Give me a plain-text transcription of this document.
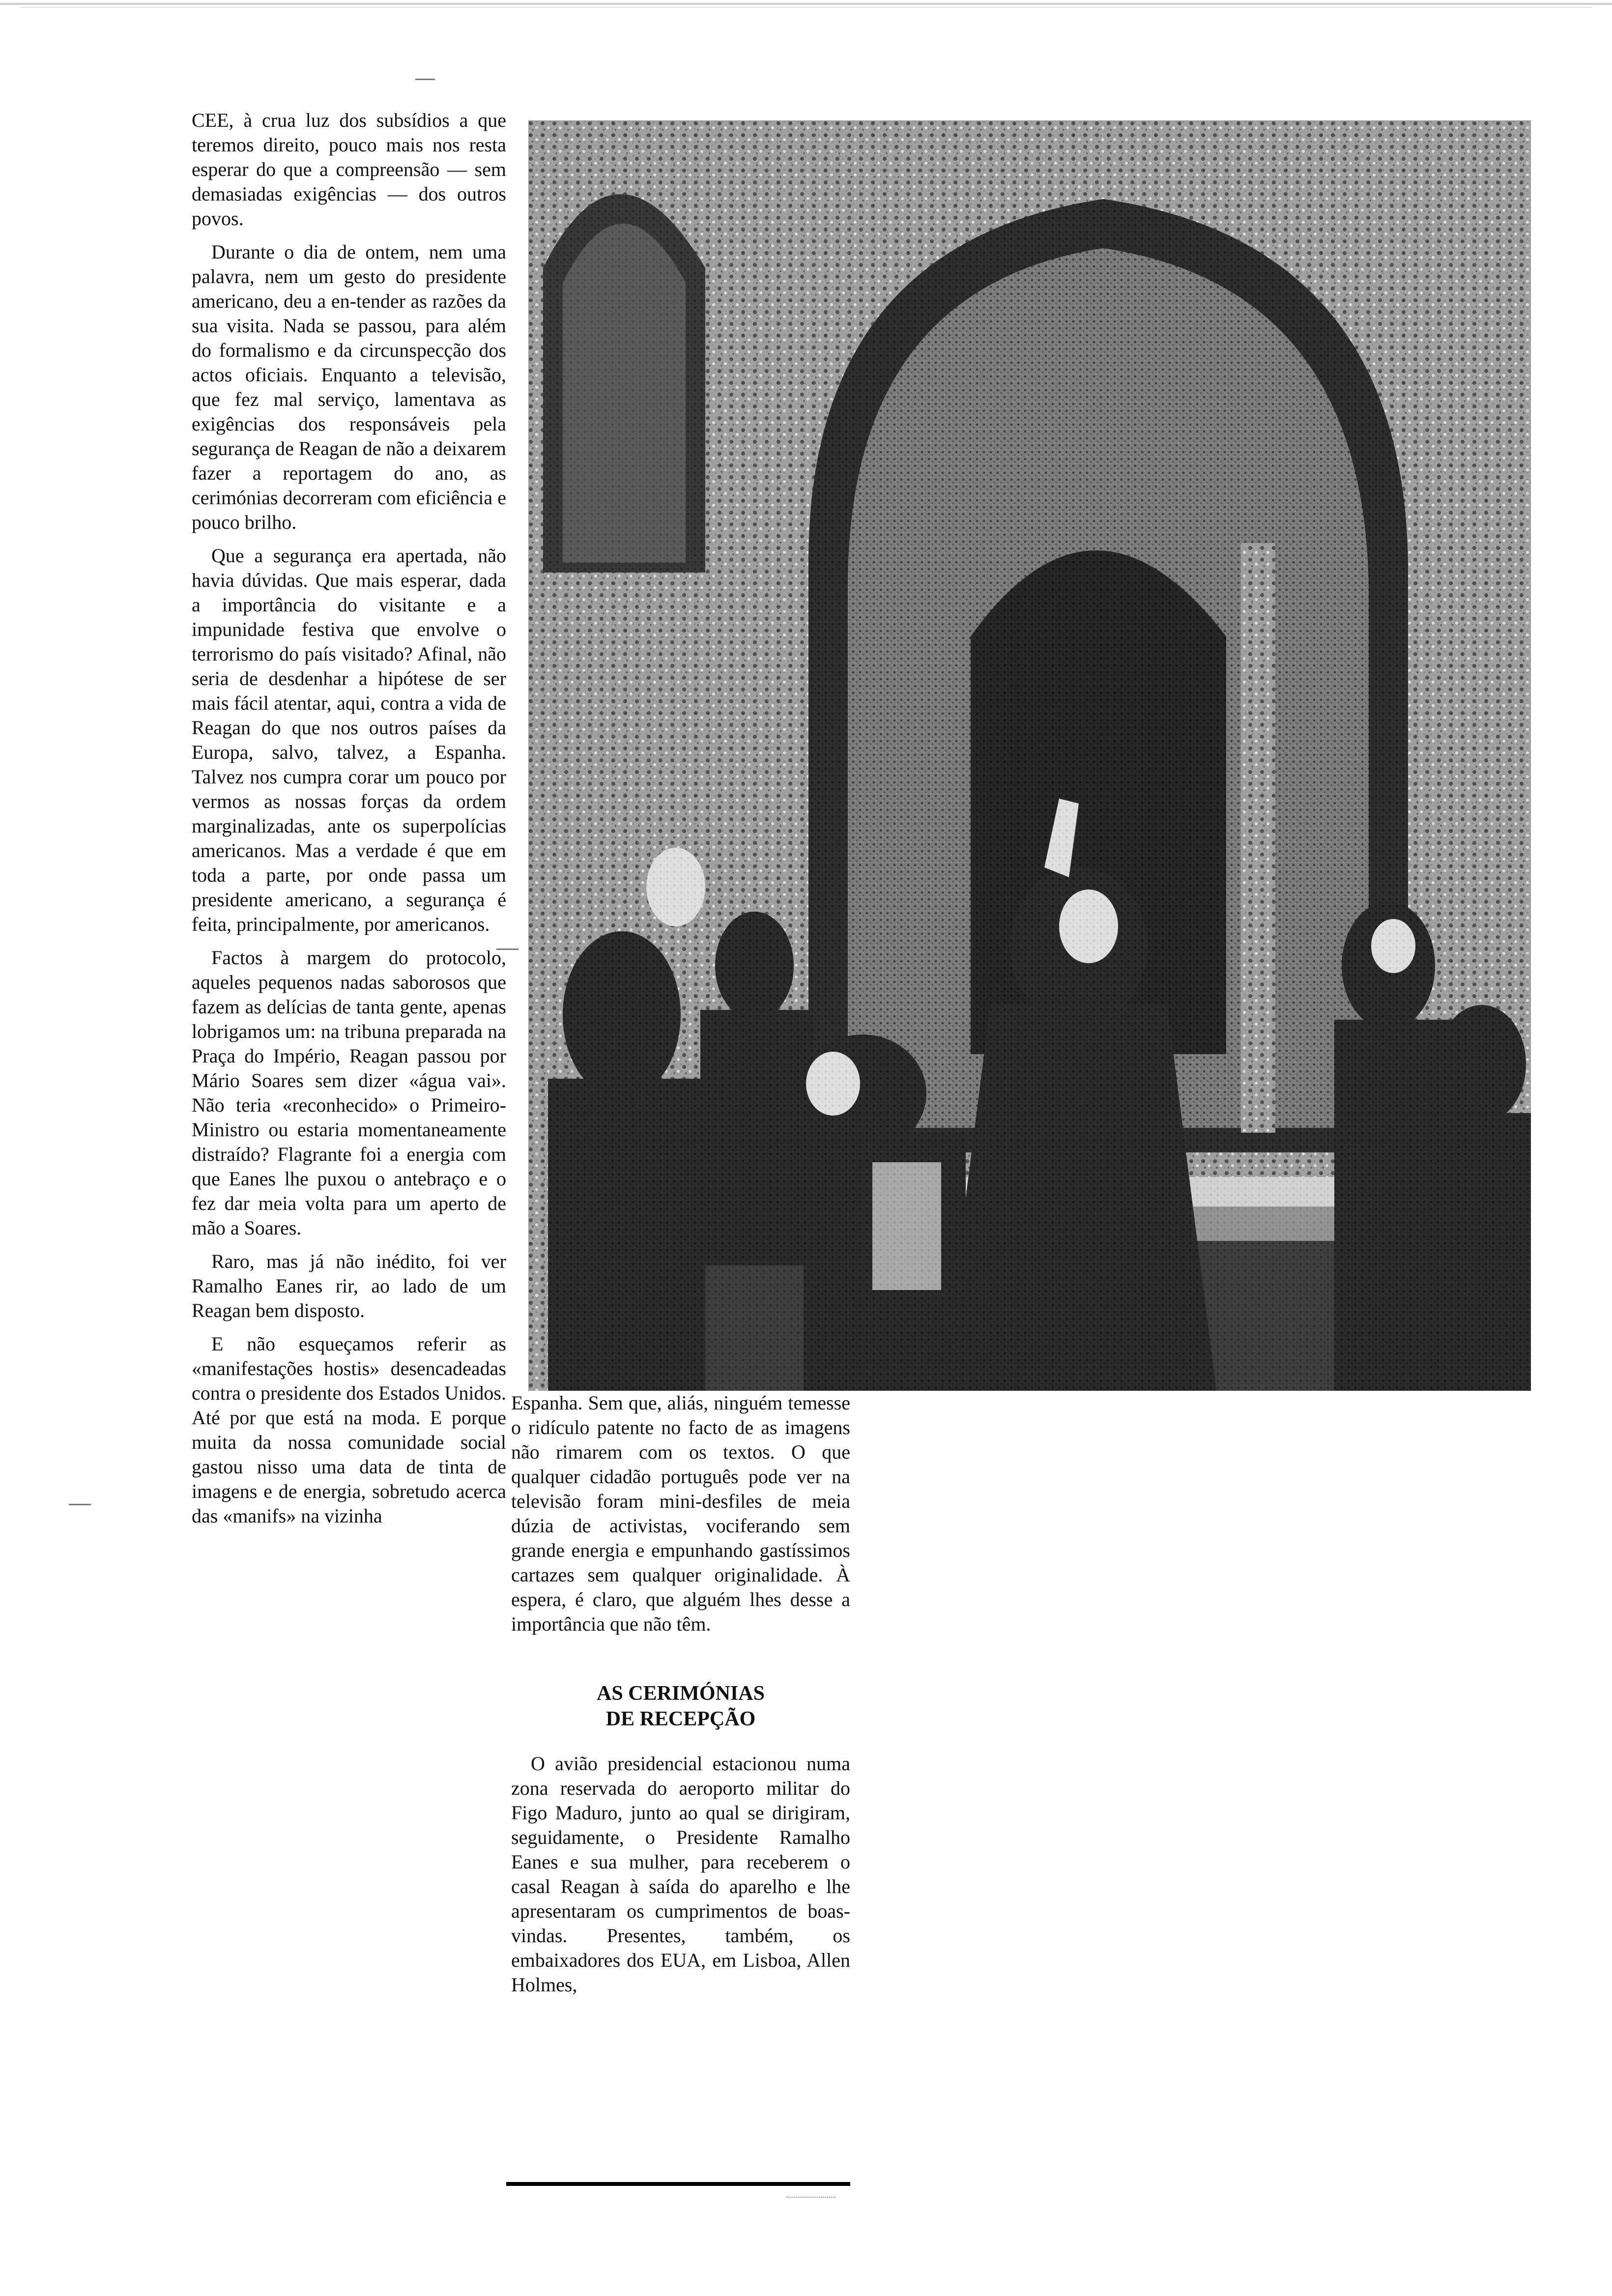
CEE, à crua luz dos subsídios a que teremos direito, pouco mais nos resta esperar do que a compreensão — sem demasiadas exigências — dos outros povos.

Durante o dia de ontem, nem uma palavra, nem um gesto do presidente americano, deu a en-tender as razões da sua visita. Nada se passou, para além do formalismo e da circunspecção dos actos oficiais. Enquanto a televisão, que fez mal serviço, lamentava as exigências dos responsáveis pela segurança de Reagan de não a deixarem fazer a reportagem do ano, as cerimónias decorreram com eficiência e pouco brilho.

Que a segurança era apertada, não havia dúvidas. Que mais esperar, dada a importância do visitante e a impunidade festiva que envolve o terrorismo do país visitado? Afinal, não seria de desdenhar a hipótese de ser mais fácil atentar, aqui, contra a vida de Reagan do que nos outros países da Europa, salvo, talvez, a Espanha. Talvez nos cumpra corar um pouco por vermos as nossas forças da ordem marginalizadas, ante os superpolícias americanos. Mas a verdade é que em toda a parte, por onde passa um presidente americano, a segurança é feita, principalmente, por americanos.

Factos à margem do protocolo, aqueles pequenos nadas saborosos que fazem as delícias de tanta gente, apenas lobrigamos um: na tribuna preparada na Praça do Império, Reagan passou por Mário Soares sem dizer «água vai». Não teria «reconhecido» o Primeiro-Ministro ou estaria momentaneamente distraído? Flagrante foi a energia com que Eanes lhe puxou o antebraço e o fez dar meia volta para um aperto de mão a Soares.

Raro, mas já não inédito, foi ver Ramalho Eanes rir, ao lado de um Reagan bem disposto.

E não esqueçamos referir as «manifestações hostis» desencadeadas contra o presidente dos Estados Unidos. Até por que está na moda. E porque muita da nossa comunidade social gastou nisso uma data de tinta de imagens e de energia, sobretudo acerca das «manifs» na vizinha

Espanha. Sem que, aliás, ninguém temesse o ridículo patente no facto de as imagens não rimarem com os textos. O que qualquer cidadão português pode ver na televisão foram mini-desfiles de meia dúzia de activistas, vociferando sem grande energia e empunhando gastíssimos cartazes sem qualquer originalidade. À espera, é claro, que alguém lhes desse a importância que não têm.

AS CERIMÓNIAS
DE RECEPÇÃO

O avião presidencial estacionou numa zona reservada do aeroporto militar do Figo Maduro, junto ao qual se dirigiram, seguidamente, o Presidente Ramalho Eanes e sua mulher, para receberem o casal Reagan à saída do aparelho e lhe apresentaram os cumprimentos de boas-vindas. Presentes, também, os embaixadores dos EUA, em Lisboa, Allen Holmes,
